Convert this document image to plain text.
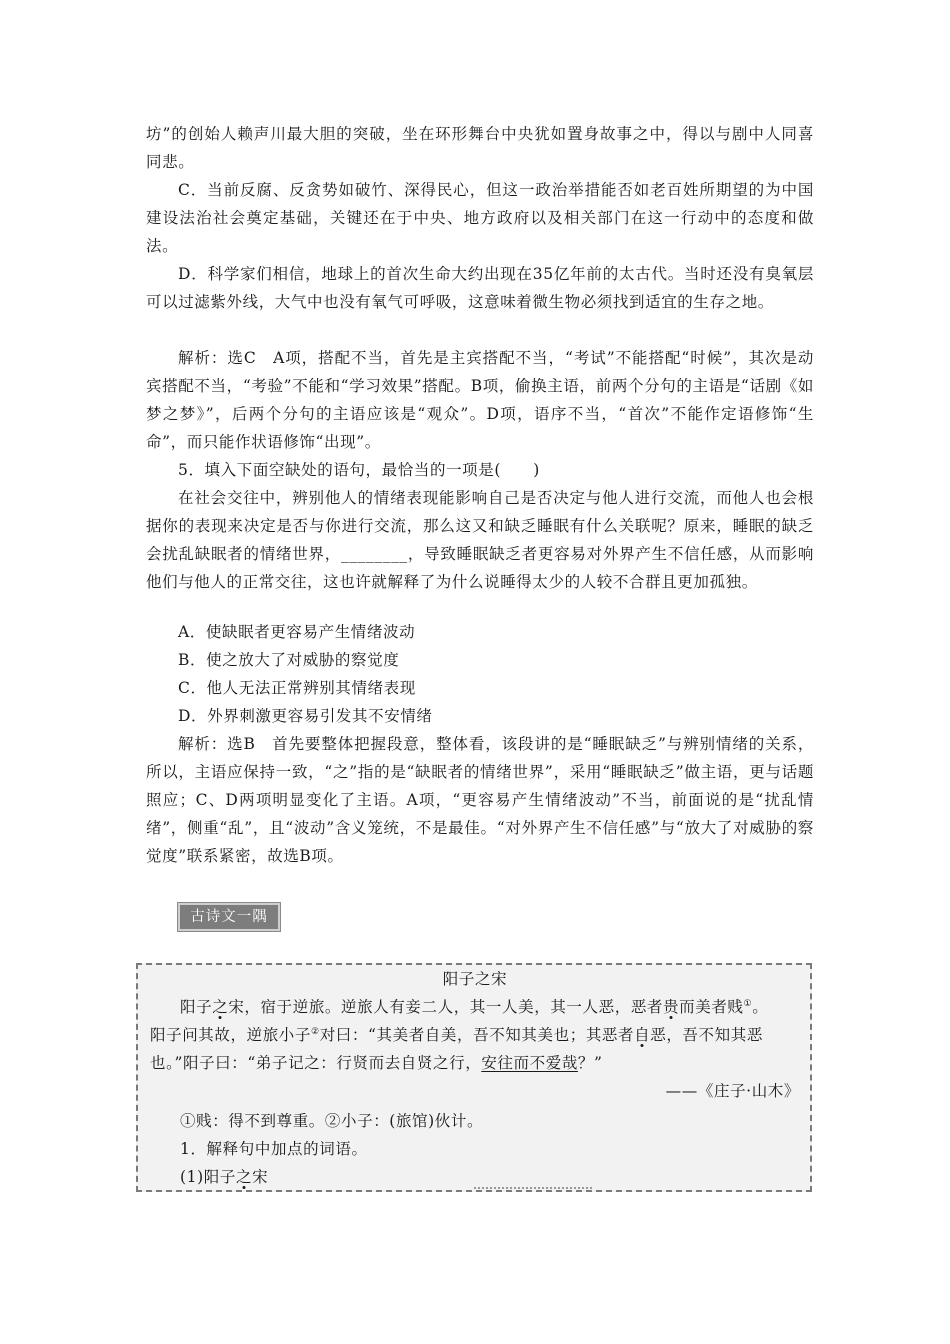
坊”的创始人赖声川最大胆的突破，坐在环形舞台中央犹如置身故事之中，得以与剧中人同喜同悲。

C．当前反腐、反贪势如破竹、深得民心，但这一政治举措能否如老百姓所期望的为中国建设法治社会奠定基础，关键还在于中央、地方政府以及相关部门在这一行动中的态度和做法。

D．科学家们相信，地球上的首次生命大约出现在35亿年前的太古代。当时还没有臭氧层可以过滤紫外线，大气中也没有氧气可呼吸，这意味着微生物必须找到适宜的生存之地。

解析：选C　A项，搭配不当，首先是主宾搭配不当，“考试”不能搭配“时候”，其次是动宾搭配不当，“考验”不能和“学习效果”搭配。B项，偷换主语，前两个分句的主语是“话剧《如梦之梦》”，后两个分句的主语应该是“观众”。D项，语序不当，“首次”不能作定语修饰“生命”，而只能作状语修饰“出现”。

5．填入下面空缺处的语句，最恰当的一项是(　　)

在社会交往中，辨别他人的情绪表现能影响自己是否决定与他人进行交流，而他人也会根据你的表现来决定是否与你进行交流，那么这又和缺乏睡眠有什么关联呢？原来，睡眠的缺乏会扰乱缺眠者的情绪世界，________，导致睡眠缺乏者更容易对外界产生不信任感，从而影响他们与他人的正常交往，这也许就解释了为什么说睡得太少的人较不合群且更加孤独。

A．使缺眠者更容易产生情绪波动

B．使之放大了对威胁的察觉度

C．他人无法正常辨别其情绪表现

D．外界刺激更容易引发其不安情绪

解析：选B　首先要整体把握段意，整体看，该段讲的是“睡眠缺乏”与辨别情绪的关系，所以，主语应保持一致，“之”指的是“缺眠者的情绪世界”，采用“睡眠缺乏”做主语，更与话题照应；C、D两项明显变化了主语。A项，“更容易产生情绪波动”不当，前面说的是“扰乱情绪”，侧重“乱”，且“波动”含义笼统，不是最佳。“对外界产生不信任感”与“放大了对威胁的察觉度”联系紧密，故选B项。

古诗文一隅
阳子之宋
阳子之宋，宿于逆旅。逆旅人有妾二人，其一人美，其一人恶，恶者贵而美者贱①。
阳子问其故，逆旅小子②对曰：“其美者自美，吾不知其美也；其恶者自恶，吾不知其恶
也。”阳子曰：“弟子记之：行贤而去自贤之行，安往而不爱哉？”
——《庄子·山木》
①贱：得不到尊重。②小子：(旅馆)伙计。
1．解释句中加点的词语。
(1)阳子之宋
